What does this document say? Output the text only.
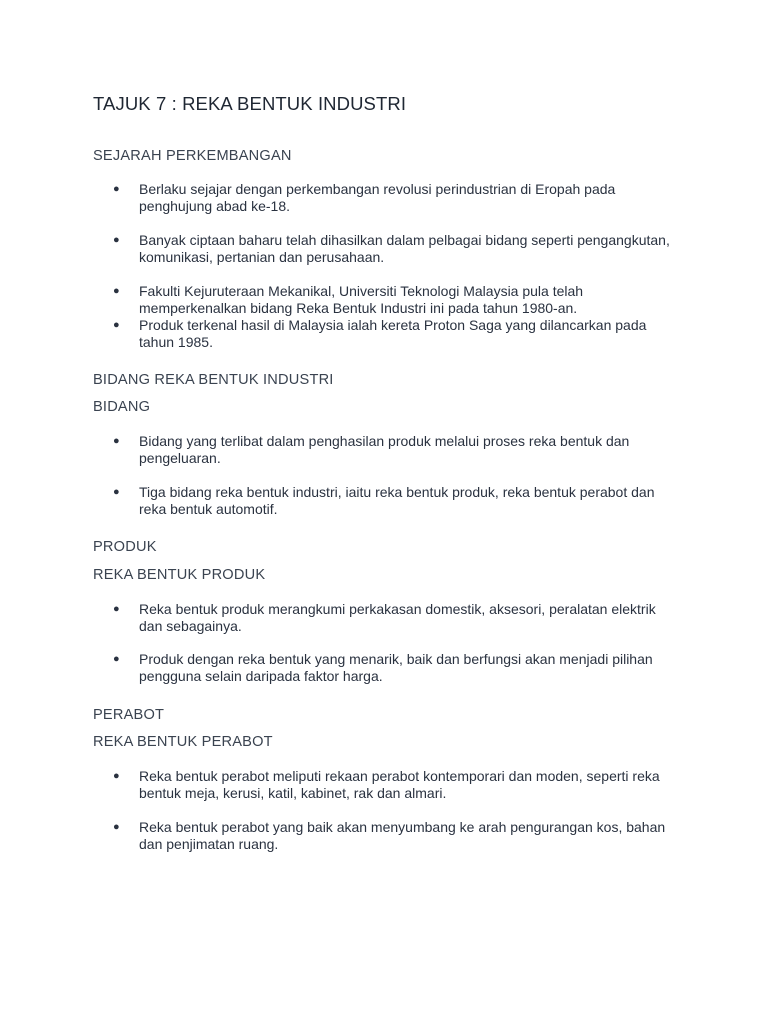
TAJUK 7 : REKA BENTUK INDUSTRI
SEJARAH PERKEMBANGAN
● Berlaku sejajar dengan perkembangan revolusi perindustrian di Eropah pada penghujung abad ke-18.
● Banyak ciptaan baharu telah dihasilkan dalam pelbagai bidang seperti pengangkutan, komunikasi, pertanian dan perusahaan.
● Fakulti Kejuruteraan Mekanikal, Universiti Teknologi Malaysia pula telah memperkenalkan bidang Reka Bentuk Industri ini pada tahun 1980-an.
● Produk terkenal hasil di Malaysia ialah kereta Proton Saga yang dilancarkan pada tahun 1985.
BIDANG REKA BENTUK INDUSTRI
BIDANG
● Bidang yang terlibat dalam penghasilan produk melalui proses reka bentuk dan pengeluaran.
● Tiga bidang reka bentuk industri, iaitu reka bentuk produk, reka bentuk perabot dan reka bentuk automotif.
PRODUK
REKA BENTUK PRODUK
● Reka bentuk produk merangkumi perkakasan domestik, aksesori, peralatan elektrik dan sebagainya.
● Produk dengan reka bentuk yang menarik, baik dan berfungsi akan menjadi pilihan pengguna selain daripada faktor harga.
PERABOT
REKA BENTUK PERABOT
● Reka bentuk perabot meliputi rekaan perabot kontemporari dan moden, seperti reka bentuk meja, kerusi, katil, kabinet, rak dan almari.
● Reka bentuk perabot yang baik akan menyumbang ke arah pengurangan kos, bahan dan penjimatan ruang.
